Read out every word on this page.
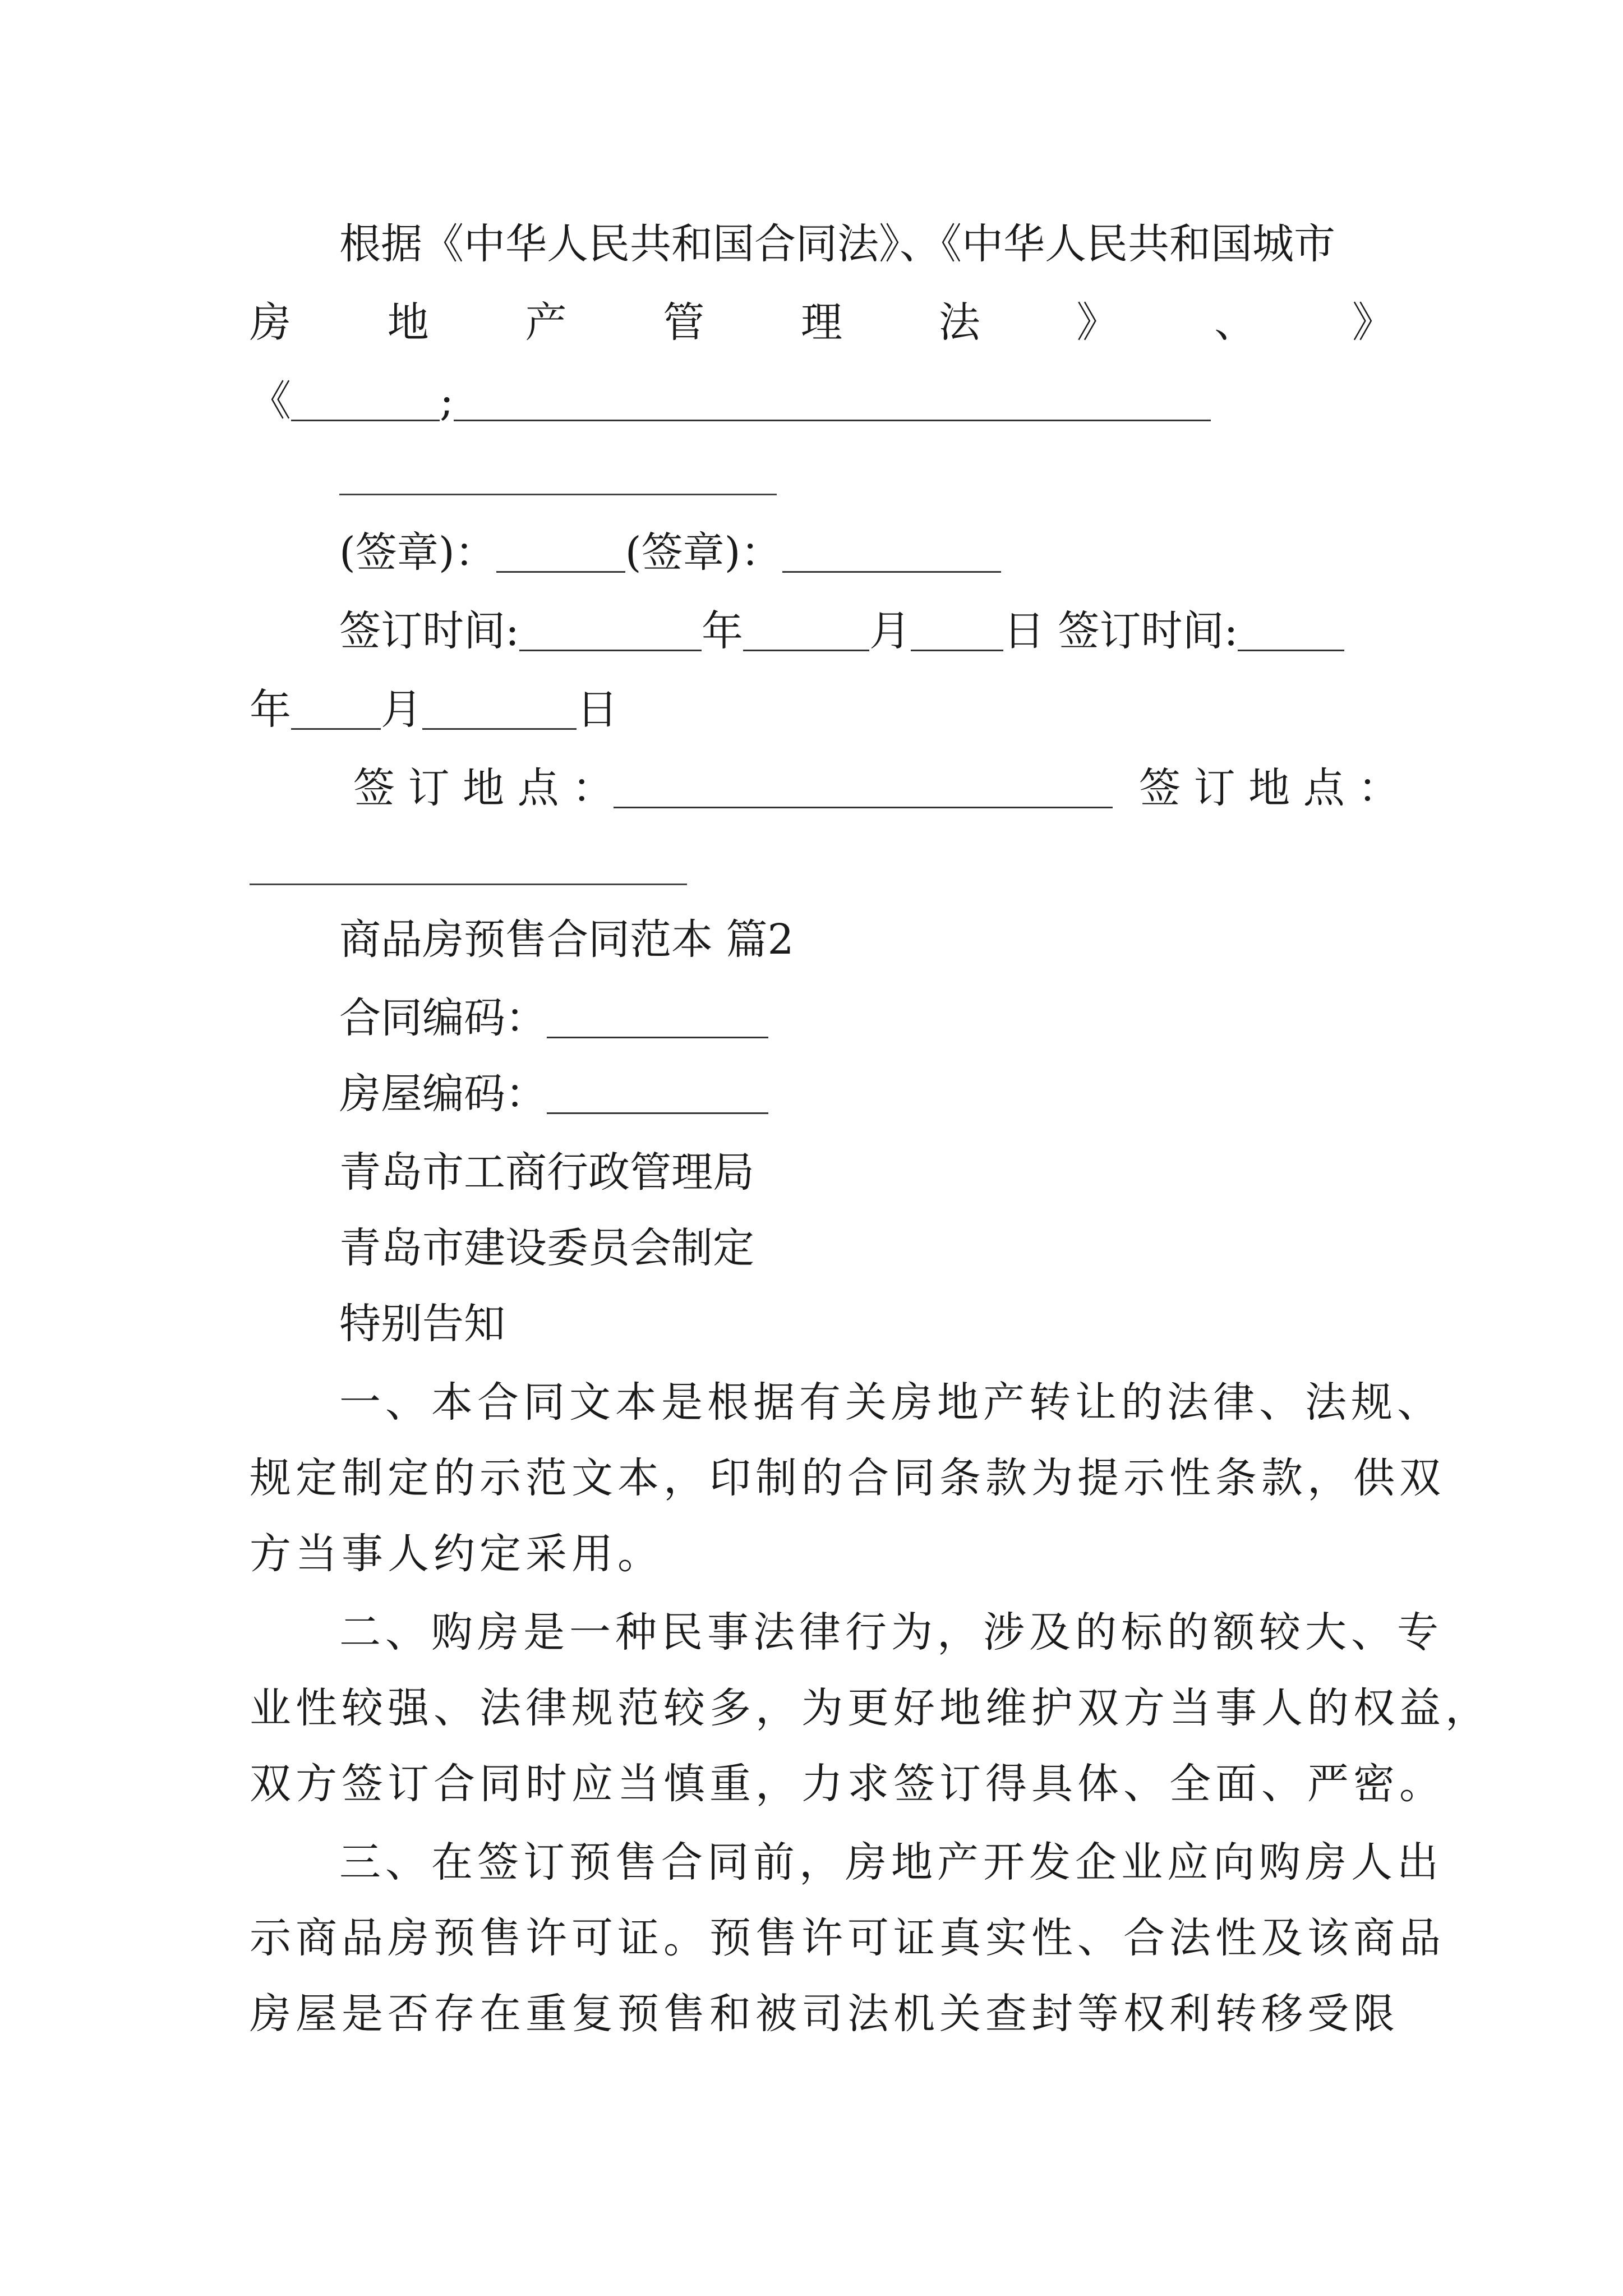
根据《中华人民共和国合同法》、《中华人民共和国城市
房 地 产 管 理 法 》 、 》
《	;
(签章)：	(签章)：
签订时间:	年	月 日 签订时间:
年 月	日
签 订 地 点 ：	签 订 地 点 ：
商品房预售合同范本 篇2
合同编码：
房屋编码：
青岛市工商行政管理局
青岛市建设委员会制定
特别告知
一、本合同文本是根据有关房地产转让的法律、法规、
规定制定的示范文本，印制的合同条款为提示性条款，供双
方当事人约定采用。
二、购房是一种民事法律行为，涉及的标的额较大、专
业性较强、法律规范较多，为更好地维护双方当事人的权益，
双方签订合同时应当慎重，力求签订得具体、全面、严密。
三、在签订预售合同前，房地产开发企业应向购房人出
示商品房预售许可证。预售许可证真实性、合法性及该商品
房屋是否存在重复预售和被司法机关查封等权利转移受限
